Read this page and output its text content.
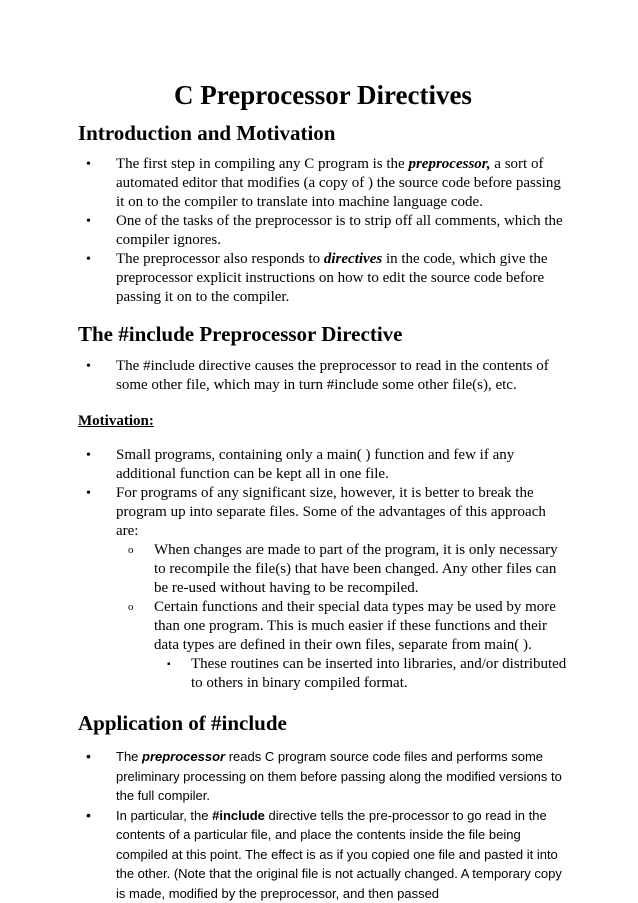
C Preprocessor Directives
Introduction and Motivation
• The first step in compiling any C program is the preprocessor, a sort of automated editor that modifies (a copy of ) the source code before passing it on to the compiler to translate into machine language code.
• One of the tasks of the preprocessor is to strip off all comments, which the compiler ignores.
• The preprocessor also responds to directives in the code, which give the preprocessor explicit instructions on how to edit the source code before passing it on to the compiler.
The #include Preprocessor Directive
• The #include directive causes the preprocessor to read in the contents of some other file, which may in turn #include some other file(s), etc.
Motivation:
• Small programs, containing only a main( ) function and few if any additional function can be kept all in one file.
• For programs of any significant size, however, it is better to break the program up into separate files. Some of the advantages of this approach are:
o When changes are made to part of the program, it is only necessary to recompile the file(s) that have been changed. Any other files can be re-used without having to be recompiled.
o Certain functions and their special data types may be used by more than one program. This is much easier if these functions and their data types are defined in their own files, separate from main( ).
▪ These routines can be inserted into libraries, and/or distributed to others in binary compiled format.
Application of #include
• The preprocessor reads C program source code files and performs some preliminary processing on them before passing along the modified versions to the full compiler.
• In particular, the #include directive tells the pre-processor to go read in the contents of a particular file, and place the contents inside the file being compiled at this point. The effect is as if you copied one file and pasted it into the other. (Note that the original file is not actually changed. A temporary copy is made, modified by the preprocessor, and then passed
